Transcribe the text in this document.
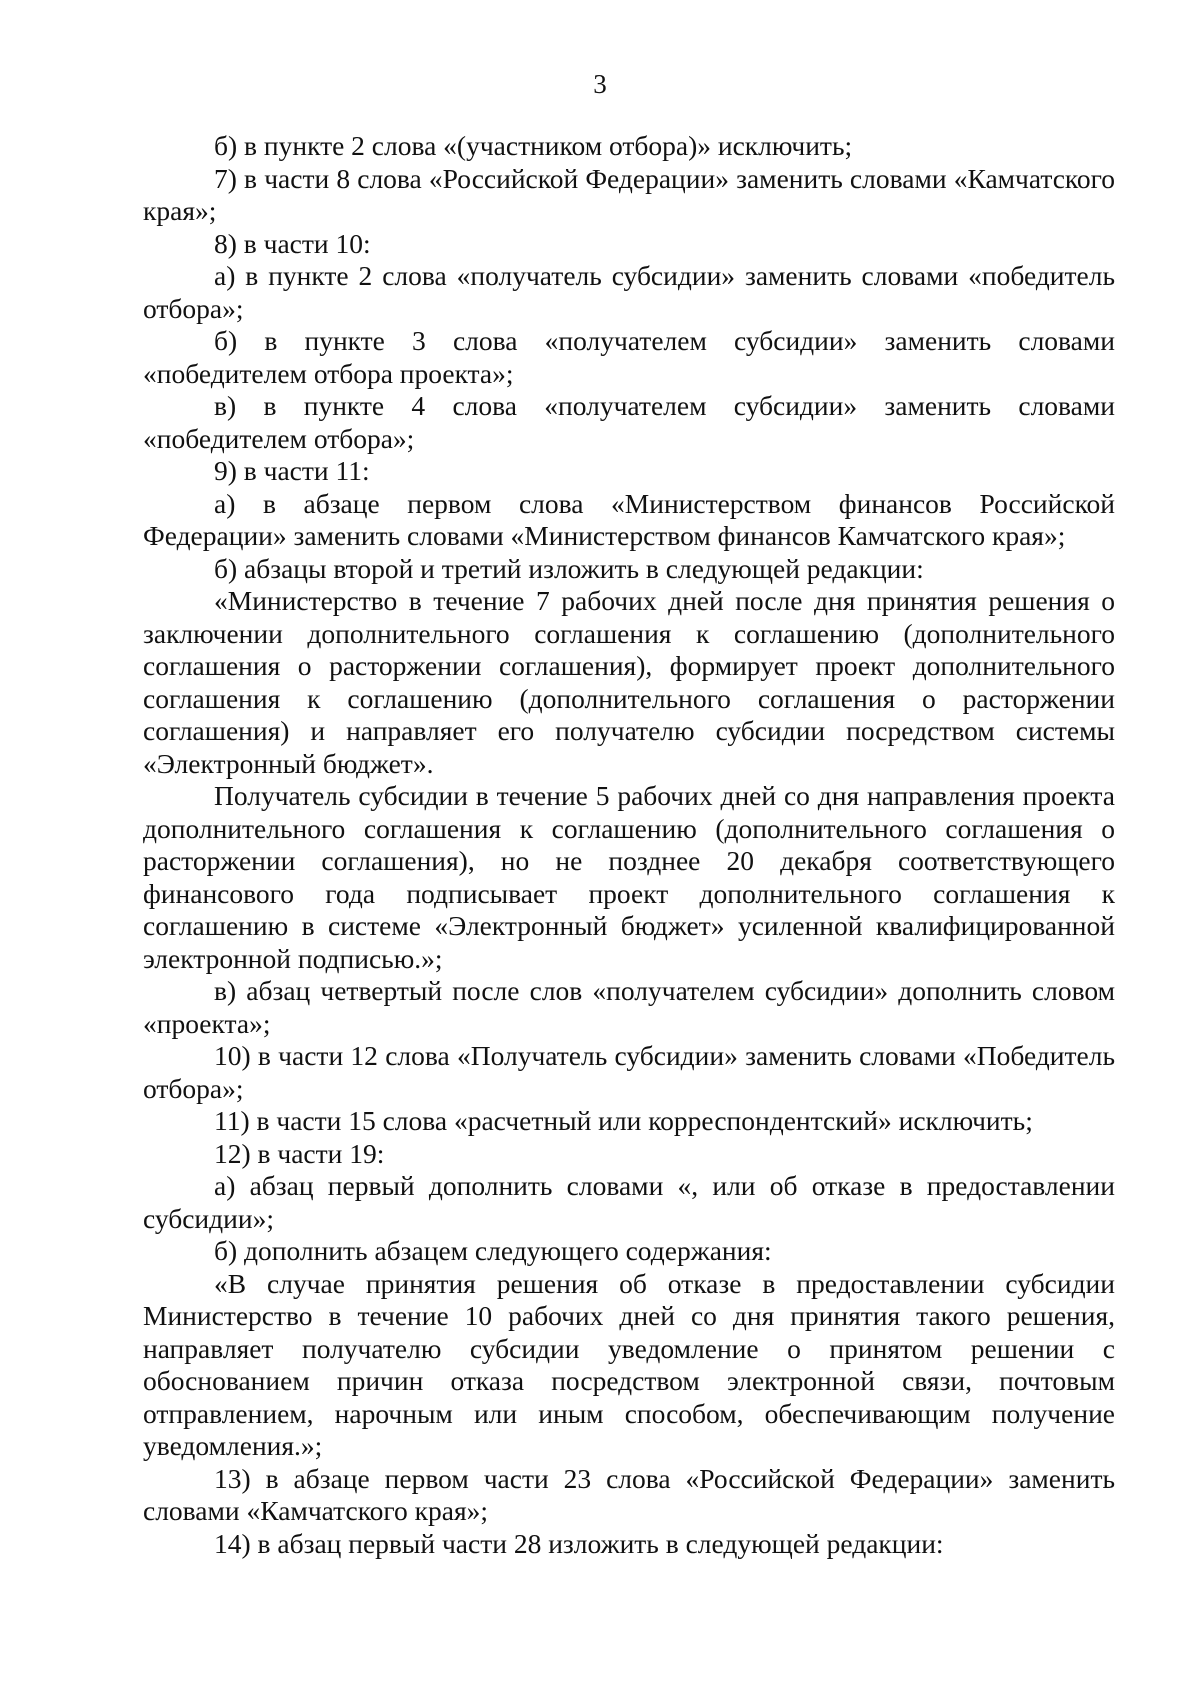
3

б) в пункте 2 слова «(участником отбора)» исключить;

7) в части 8 слова «Российской Федерации» заменить словами «Камчатского края»;

8) в части 10:

а) в пункте 2 слова «получатель субсидии» заменить словами «победитель отбора»;

б) в пункте 3 слова «получателем субсидии» заменить словами «победителем отбора проекта»;

в) в пункте 4 слова «получателем субсидии» заменить словами «победителем отбора»;

9) в части 11:

а) в абзаце первом слова «Министерством финансов Российской Федерации» заменить словами «Министерством финансов Камчатского края»;

б) абзацы второй и третий изложить в следующей редакции:

«Министерство в течение 7 рабочих дней после дня принятия решения о заключении дополнительного соглашения к соглашению (дополнительного соглашения о расторжении соглашения), формирует проект дополнительного соглашения к соглашению (дополнительного соглашения о расторжении соглашения) и направляет его получателю субсидии посредством системы «Электронный бюджет».

Получатель субсидии в течение 5 рабочих дней со дня направления проекта дополнительного соглашения к соглашению (дополнительного соглашения о расторжении соглашения), но не позднее 20 декабря соответствующего финансового года подписывает проект дополнительного соглашения к соглашению в системе «Электронный бюджет» усиленной квалифицированной электронной подписью.»;

в) абзац четвертый после слов «получателем субсидии» дополнить словом «проекта»;

10) в части 12 слова «Получатель субсидии» заменить словами «Победитель отбора»;

11) в части 15 слова «расчетный или корреспондентский» исключить;

12) в части 19:

а) абзац первый дополнить словами «, или об отказе в предоставлении субсидии»;

б) дополнить абзацем следующего содержания:

«В случае принятия решения об отказе в предоставлении субсидии Министерство в течение 10 рабочих дней со дня принятия такого решения, направляет получателю субсидии уведомление о принятом решении с обоснованием причин отказа посредством электронной связи, почтовым отправлением, нарочным или иным способом, обеспечивающим получение уведомления.»;

13) в абзаце первом части 23 слова «Российской Федерации» заменить словами «Камчатского края»;

14) в абзац первый части 28 изложить в следующей редакции:
